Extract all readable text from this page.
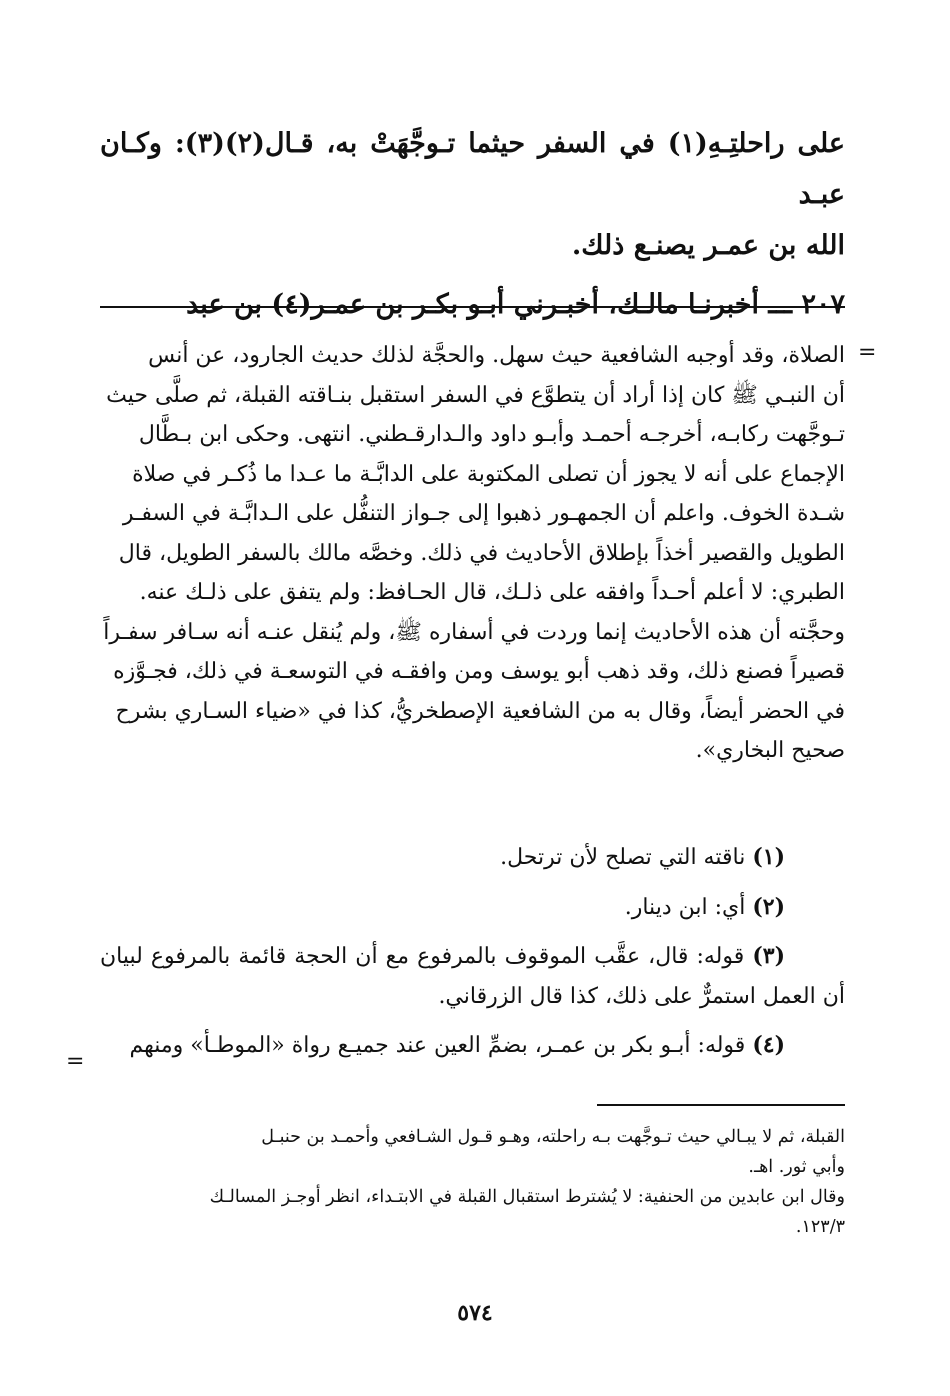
على راحلتِـهِ(١) في السفر حيثما تـوجَّهَتْ به، قـال(٢)(٣): وكـان عبـد

الله بن عمـر يصنـع ذلك.

٢٠٧ ـــ أخبرنـا مالـك، أخبـرني أبـو بكـر بن عمـر(٤) بن عبد

=

الصلاة، وقد أوجبه الشافعية حيث سهل. والحجَّة لذلك حديث الجارود، عن أنس

أن النبـي ﷺ كان إذا أراد أن يتطوَّع في السفر استقبل بنـاقته القبلة، ثم صلَّى حيث

تـوجَّهت ركابـه، أخرجـه أحمـد وأبـو داود والـدارقـطني. انتهى. وحكى ابن بـطَّال

الإجماع على أنه لا يجوز أن تصلى المكتوبة على الدابَّـة ما عـدا ما ذُكـر في صلاة

شـدة الخوف. واعلم أن الجمهـور ذهبوا إلى جـواز التنفُّل على الـدابَّـة في السفـر

الطويل والقصير أخذاً بإطلاق الأحاديث في ذلك. وخصَّه مالك بالسفر الطويل، قال

الطبري: لا أعلم أحـداً وافقه على ذلـك، قال الحـافظ: ولم يتفق على ذلـك عنه.

وحجَّته أن هذه الأحاديث إنما وردت في أسفاره ﷺ، ولم يُنقل عنـه أنه سـافر سفـراً

قصيراً فصنع ذلك، وقد ذهب أبو يوسف ومن وافقـه في التوسعـة في ذلك، فجـوَّزه

في الحضر أيضاً، وقال به من الشافعية الإصطخريُّ، كذا في «ضياء السـاري بشرح

صحيح البخاري».

(١) ناقته التي تصلح لأن ترتحل.

(٢) أي: ابن دينار.

(٣) قوله: قال، عقَّب الموقوف بالمرفوع مع أن الحجة قائمة بالمرفوع لبيان أن العمل استمرٌّ على ذلك، كذا قال الزرقاني.

(٤) قوله: أبـو بكر بن عمـر، بضمِّ العين عند جميـع رواة «الموطـأ» ومنهم

=

القبلة، ثم لا يبـالي حيث تـوجَّهت بـه راحلته، وهـو قـول الشـافعي وأحمـد بن حنبـل

وأبي ثور. اهـ.

وقال ابن عابدين من الحنفية: لا يُشترط استقبال القبلة في الابتـداء، انظر أوجـز المسالـك

١٢٣/٣.

٥٧٤
